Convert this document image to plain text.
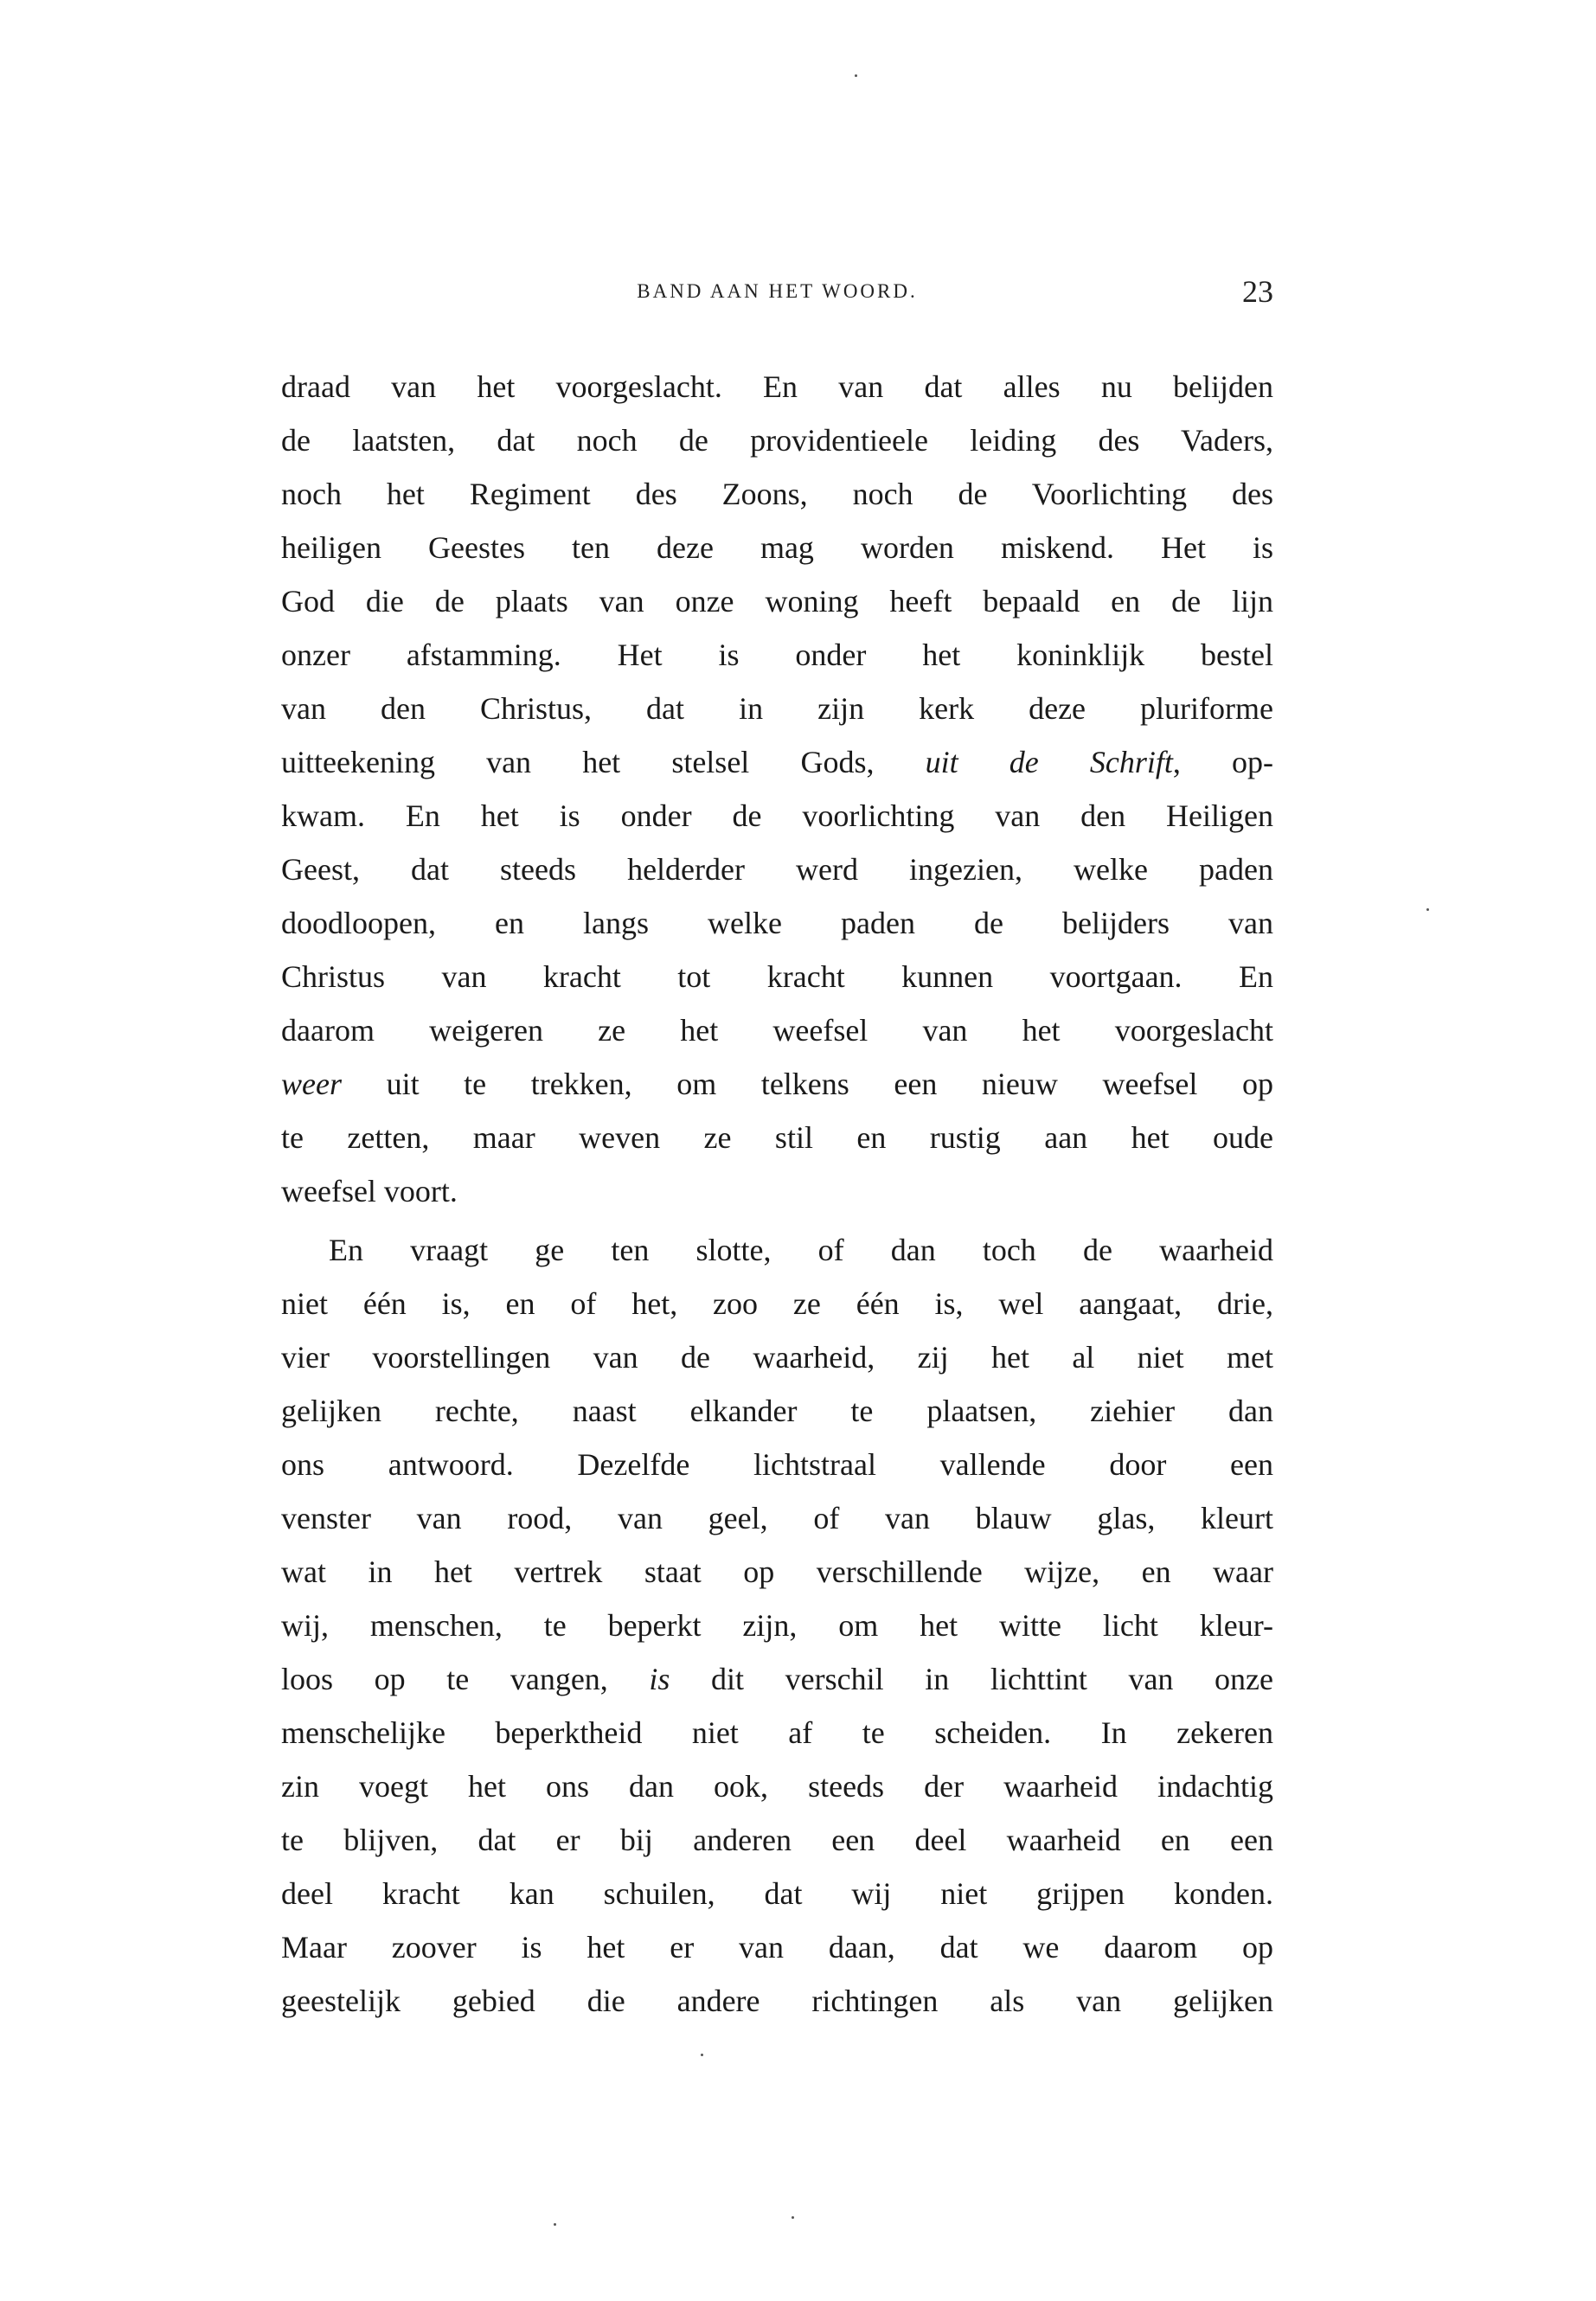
BAND AAN HET WOORD.	23
draad van het voorgeslacht. En van dat alles nu belijden
de laatsten, dat noch de providentieele leiding des Vaders,
noch het Regiment des Zoons, noch de Voorlichting des
heiligen Geestes ten deze mag worden miskend. Het is
God die de plaats van onze woning heeft bepaald en de lijn
onzer afstamming. Het is onder het koninklijk bestel
van den Christus, dat in zijn kerk deze pluriforme
uitteekening van het stelsel Gods, uit de Schrift, op-
kwam. En het is onder de voorlichting van den Heiligen
Geest, dat steeds helderder werd ingezien, welke paden
doodloopen, en langs welke paden de belijders van
Christus van kracht tot kracht kunnen voortgaan. En
daarom weigeren ze het weefsel van het voorgeslacht
weer uit te trekken, om telkens een nieuw weefsel op
te zetten, maar weven ze stil en rustig aan het oude
weefsel voort.
En vraagt ge ten slotte, of dan toch de waarheid
niet één is, en of het, zoo ze één is, wel aangaat, drie,
vier voorstellingen van de waarheid, zij het al niet met
gelijken rechte, naast elkander te plaatsen, ziehier dan
ons antwoord. Dezelfde lichtstraal vallende door een
venster van rood, van geel, of van blauw glas, kleurt
wat in het vertrek staat op verschillende wijze, en waar
wij, menschen, te beperkt zijn, om het witte licht kleur-
loos op te vangen, is dit verschil in lichttint van onze
menschelijke beperktheid niet af te scheiden. In zekeren
zin voegt het ons dan ook, steeds der waarheid indachtig
te blijven, dat er bij anderen een deel waarheid en een
deel kracht kan schuilen, dat wij niet grijpen konden.
Maar zoover is het er van daan, dat we daarom op
geestelijk gebied die andere richtingen als van gelijken
